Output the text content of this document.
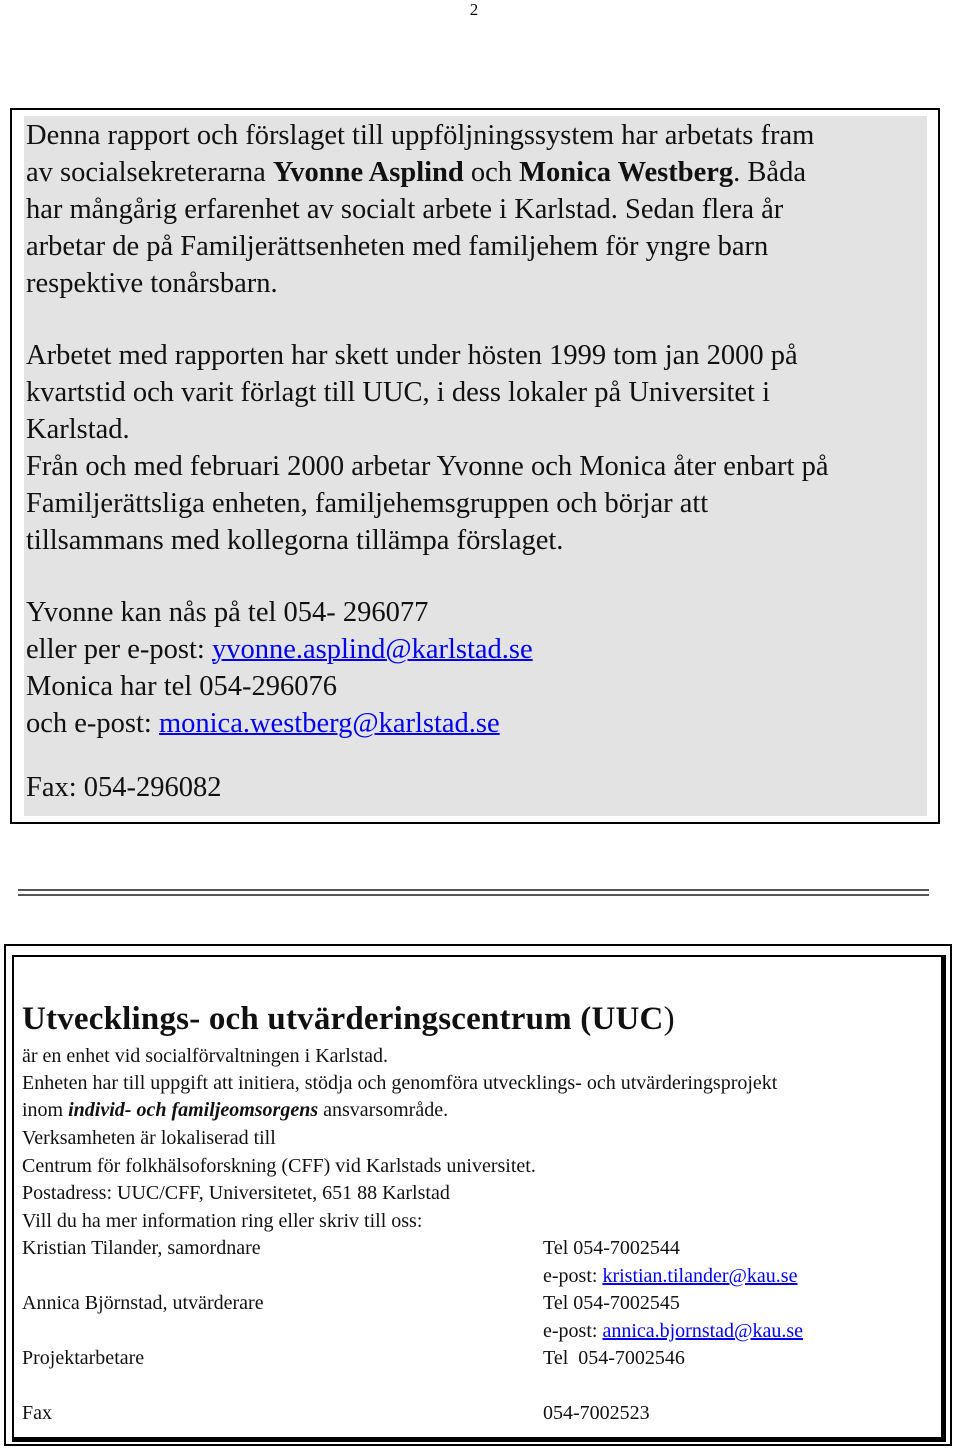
2
Denna rapport och förslaget till uppföljningssystem har arbetats fram
av socialsekreterarna Yvonne Asplind och Monica Westberg. Båda
har mångårig erfarenhet av socialt arbete i Karlstad. Sedan flera år
arbetar de på Familjerättsenheten med familjehem för yngre barn
respektive tonårsbarn.
Arbetet med rapporten har skett under hösten 1999 tom jan 2000 på
kvartstid och varit förlagt till UUC, i dess lokaler på Universitet i
Karlstad.
Från och med februari 2000 arbetar Yvonne och Monica åter enbart på
Familjerättsliga enheten, familjehemsgruppen och börjar att
tillsammans med kollegorna tillämpa förslaget.
Yvonne kan nås på tel 054- 296077
eller per e-post: yvonne.asplind@karlstad.se
Monica har tel 054-296076
och e-post: monica.westberg@karlstad.se
Fax: 054-296082
Utvecklings- och utvärderingscentrum (UUC)
är en enhet vid socialförvaltningen i Karlstad.
Enheten har till uppgift att initiera, stödja och genomföra utvecklings- och utvärderingsprojekt
inom individ- och familjeomsorgens ansvarsområde.
Verksamheten är lokaliserad till
Centrum för folkhälsoforskning (CFF) vid Karlstads universitet.
Postadress: UUC/CFF, Universitetet, 651 88 Karlstad
Vill du ha mer information ring eller skriv till oss:
Kristian Tilander, samordnare	Tel 054-7002544
e-post: kristian.tilander@kau.se
Annica Björnstad, utvärderare	Tel 054-7002545
e-post: annica.bjornstad@kau.se
Projektarbetare	Tel  054-7002546
Fax	054-7002523
